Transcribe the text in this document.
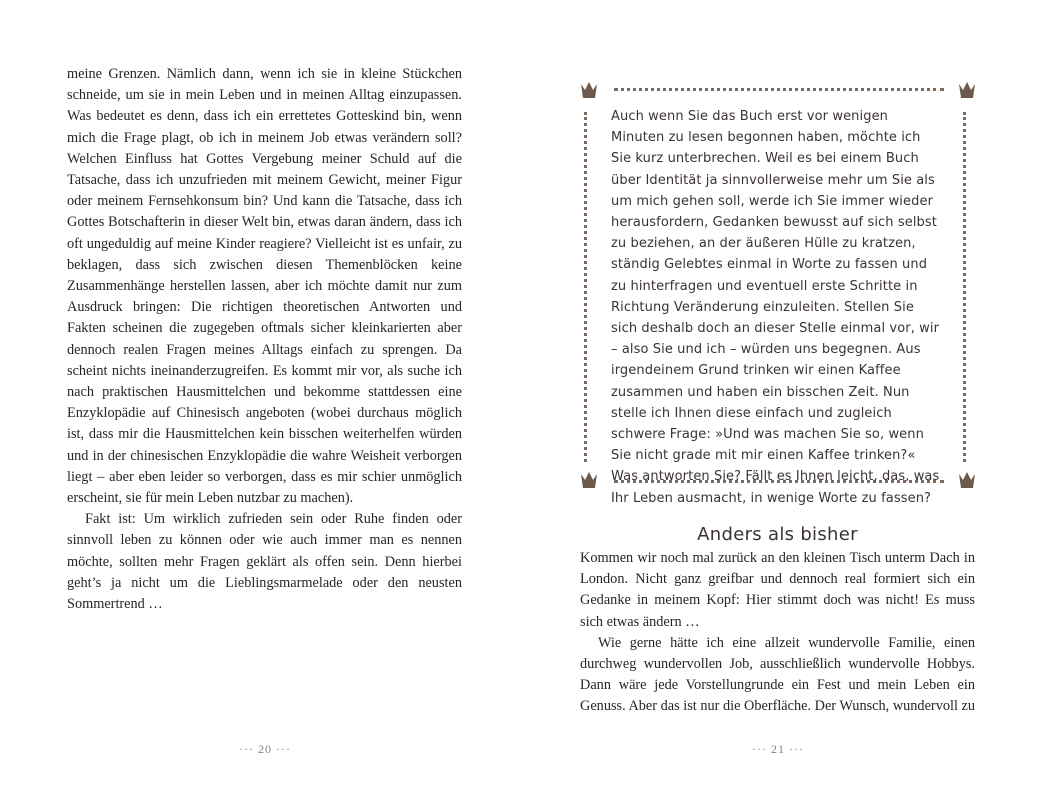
meine Grenzen. Nämlich dann, wenn ich sie in kleine Stückchen schneide, um sie in mein Leben und in meinen Alltag einzupassen. Was bedeutet es denn, dass ich ein errettetes Gotteskind bin, wenn mich die Frage plagt, ob ich in meinem Job etwas verändern soll? Welchen Einfluss hat Gottes Vergebung meiner Schuld auf die Tatsache, dass ich unzufrieden mit meinem Gewicht, meiner Figur oder meinem Fernsehkonsum bin? Und kann die Tatsache, dass ich Gottes Botschafterin in dieser Welt bin, etwas daran ändern, dass ich oft ungeduldig auf meine Kinder reagiere? Vielleicht ist es unfair, zu beklagen, dass sich zwischen diesen Themenblöcken keine Zusammenhänge herstellen lassen, aber ich möchte damit nur zum Ausdruck bringen: Die richtigen theoretischen Antworten und Fakten scheinen die zugegeben oftmals sicher kleinkarierten aber dennoch realen Fragen meines Alltags einfach zu sprengen. Da scheint nichts ineinanderzugreifen. Es kommt mir vor, als suche ich nach praktischen Hausmittelchen und bekomme stattdessen eine Enzyklopädie auf Chinesisch angeboten (wobei durchaus möglich ist, dass mir die Hausmittelchen kein bisschen weiterhelfen würden und in der chinesischen Enzyklopädie die wahre Weisheit verborgen liegt – aber eben leider so verborgen, dass es mir schier unmöglich erscheint, sie für mein Leben nutzbar zu machen).

Fakt ist: Um wirklich zufrieden sein oder Ruhe finden oder sinnvoll leben zu können oder wie auch immer man es nennen möchte, sollten mehr Fragen geklärt als offen sein. Denn hierbei geht’s ja nicht um die Lieblingsmarmelade oder den neusten Sommertrend …

··· 20 ···

Auch wenn Sie das Buch erst vor wenigen Minuten zu lesen begonnen haben, möchte ich Sie kurz unterbrechen. Weil es bei einem Buch über Identität ja sinnvollerweise mehr um Sie als um mich gehen soll, werde ich Sie immer wieder herausfordern, Gedanken bewusst auf sich selbst zu beziehen, an der äußeren Hülle zu kratzen, ständig Gelebtes einmal in Worte zu fassen und zu hinterfragen und eventuell erste Schritte in Richtung Veränderung einzuleiten. Stellen Sie sich deshalb doch an dieser Stelle einmal vor, wir – also Sie und ich – würden uns begegnen. Aus irgendeinem Grund trinken wir einen Kaffee zusammen und haben ein bisschen Zeit. Nun stelle ich Ihnen diese einfach und zugleich schwere Frage: »Und was machen Sie so, wenn Sie nicht grade mit mir einen Kaffee trinken?« Was antworten Sie? Fällt es Ihnen leicht, das, was Ihr Leben ausmacht, in wenige Worte zu fassen?

Anders als bisher

Kommen wir noch mal zurück an den kleinen Tisch unterm Dach in London. Nicht ganz greifbar und dennoch real formiert sich ein Gedanke in meinem Kopf: Hier stimmt doch was nicht! Es muss sich etwas ändern …

Wie gerne hätte ich eine allzeit wundervolle Familie, einen durchweg wundervollen Job, ausschließlich wundervolle Hobbys. Dann wäre jede Vorstellungrunde ein Fest und mein Leben ein Genuss. Aber das ist nur die Oberfläche. Der Wunsch, wundervoll zu

··· 21 ···
